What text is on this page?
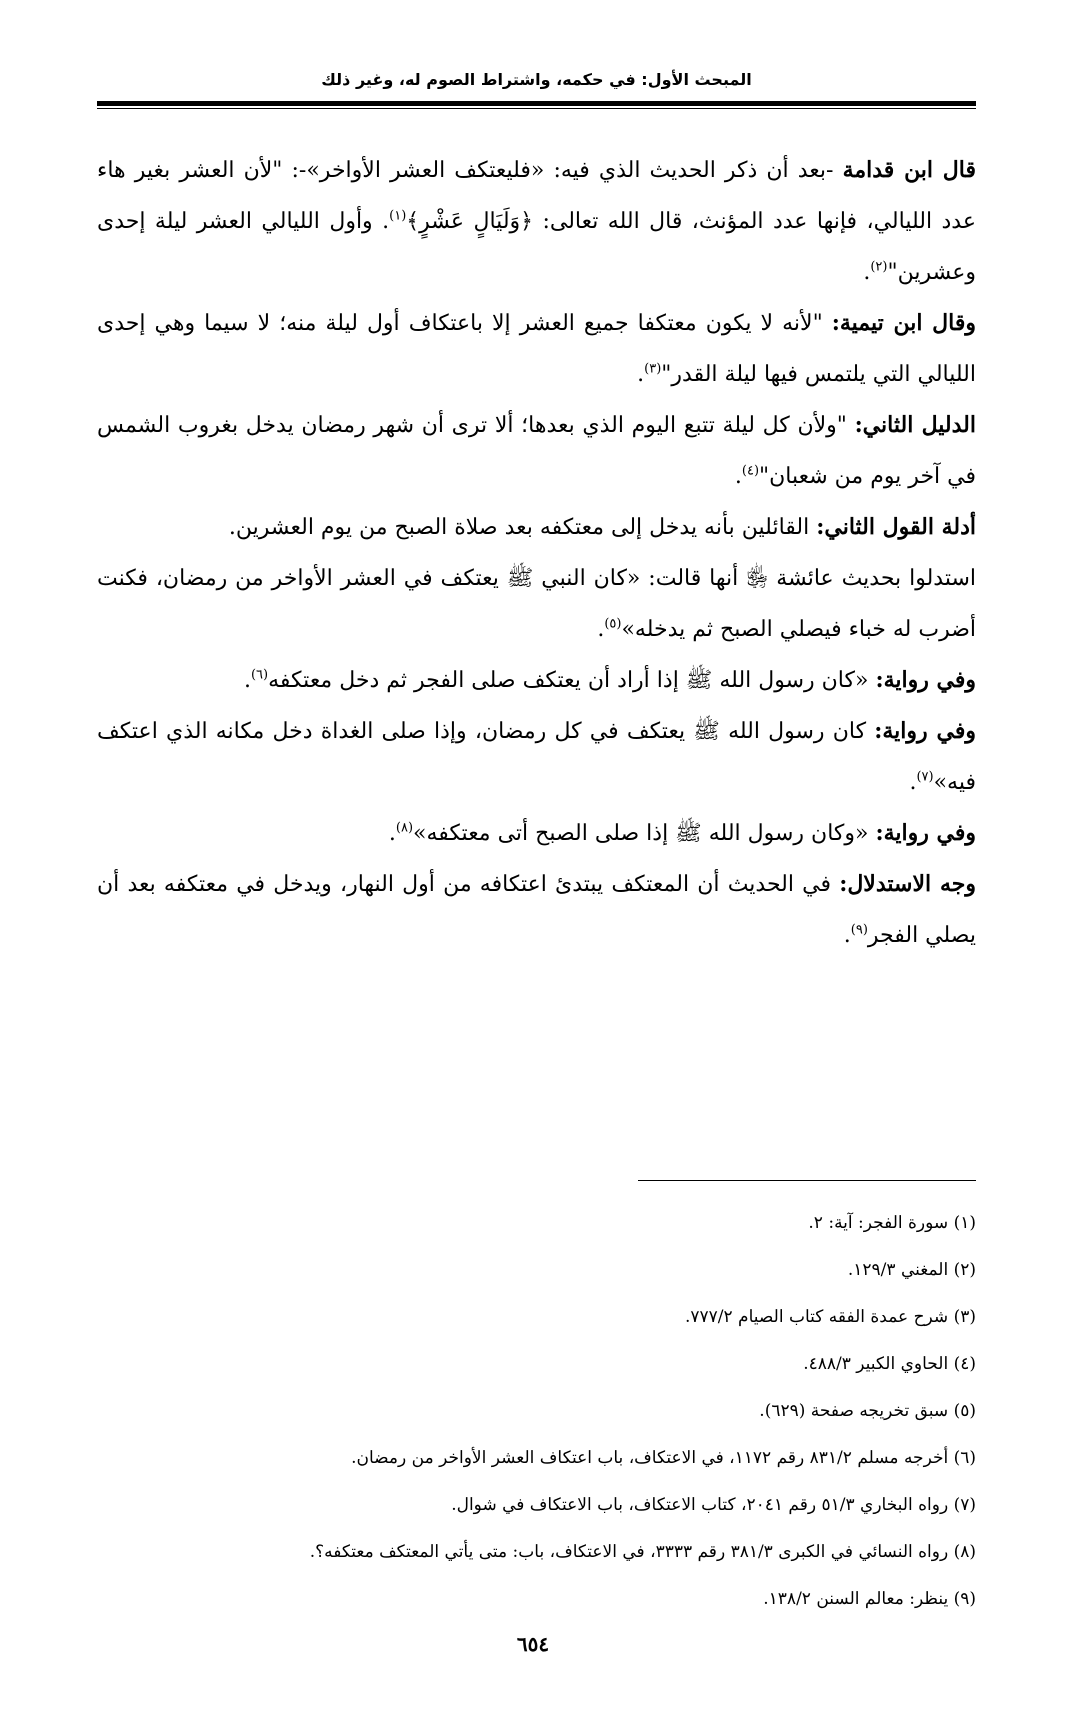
المبحث الأول: في حكمه، واشتراط الصوم له، وغير ذلك

قال ابن قدامة -بعد أن ذكر الحديث الذي فيه: «فليعتكف العشر الأواخر»-: "لأن العشر بغير هاء عدد الليالي، فإنها عدد المؤنث، قال الله تعالى: ﴿وَلَيَالٍ عَشْرٍ﴾$^{(١)}$. وأول الليالي العشر ليلة إحدى وعشرين"$^{(٢)}$.

وقال ابن تيمية: "لأنه لا يكون معتكفا جميع العشر إلا باعتكاف أول ليلة منه؛ لا سيما وهي إحدى الليالي التي يلتمس فيها ليلة القدر"$^{(٣)}$.

الدليل الثاني: "ولأن كل ليلة تتبع اليوم الذي بعدها؛ ألا ترى أن شهر رمضان يدخل بغروب الشمس في آخر يوم من شعبان"$^{(٤)}$.

أدلة القول الثاني: القائلين بأنه يدخل إلى معتكفه بعد صلاة الصبح من يوم العشرين.

استدلوا بحديث عائشة ﵂ أنها قالت: «كان النبي ﷺ يعتكف في العشر الأواخر من رمضان، فكنت أضرب له خباء فيصلي الصبح ثم يدخله»$^{(٥)}$.

وفي رواية: «كان رسول الله ﷺ إذا أراد أن يعتكف صلى الفجر ثم دخل معتكفه$^{(٦)}$.

وفي رواية: كان رسول الله ﷺ يعتكف في كل رمضان، وإذا صلى الغداة دخل مكانه الذي اعتكف فيه»$^{(٧)}$.

وفي رواية: «وكان رسول الله ﷺ إذا صلى الصبح أتى معتكفه»$^{(٨)}$.

وجه الاستدلال: في الحديث أن المعتكف يبتدئ اعتكافه من أول النهار، ويدخل في معتكفه بعد أن يصلي الفجر$^{(٩)}$.

(١) سورة الفجر: آية: ٢.
(٢) المغني ١٢٩/٣.
(٣) شرح عمدة الفقه كتاب الصيام ٧٧٧/٢.
(٤) الحاوي الكبير ٤٨٨/٣.
(٥) سبق تخريجه صفحة (٦٢٩).
(٦) أخرجه مسلم ٨٣١/٢ رقم ١١٧٢، في الاعتكاف، باب اعتكاف العشر الأواخر من رمضان.
(٧) رواه البخاري ٥١/٣ رقم ٢٠٤١، كتاب الاعتكاف، باب الاعتكاف في شوال.
(٨) رواه النسائي في الكبرى ٣٨١/٣ رقم ٣٣٣٣، في الاعتكاف، باب: متى يأتي المعتكف معتكفه؟.
(٩) ينظر: معالم السنن ١٣٨/٢.
٦٥٤
